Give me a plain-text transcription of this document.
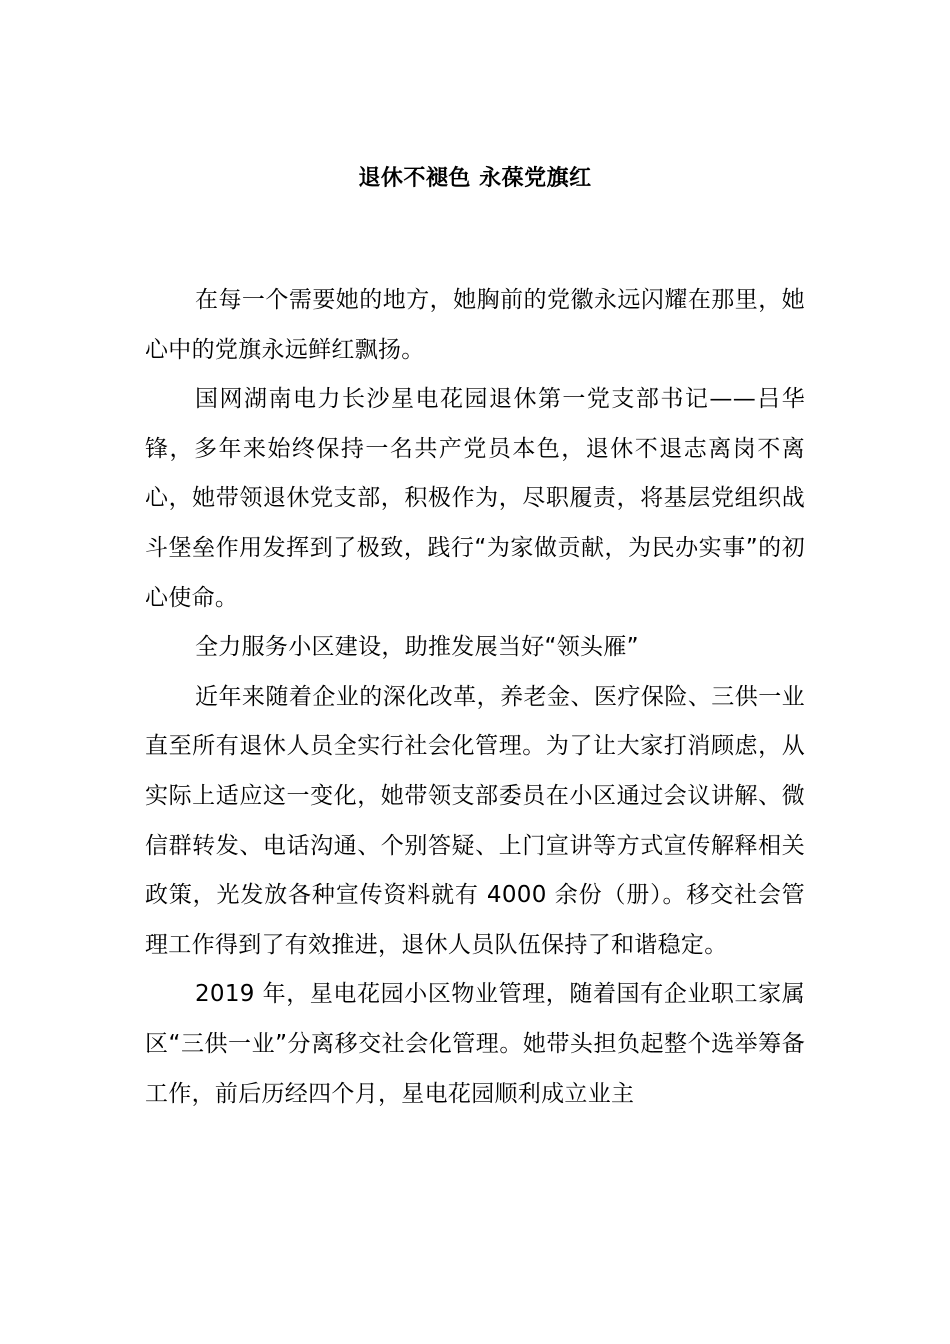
退休不褪色 永葆党旗红

在每一个需要她的地方，她胸前的党徽永远闪耀在那里，她心中的党旗永远鲜红飘扬。

国网湖南电力长沙星电花园退休第一党支部书记——吕华锋，多年来始终保持一名共产党员本色，退休不退志离岗不离心，她带领退休党支部，积极作为，尽职履责，将基层党组织战斗堡垒作用发挥到了极致，践行“为家做贡献，为民办实事”的初心使命。

全力服务小区建设，助推发展当好“领头雁”

近年来随着企业的深化改革，养老金、医疗保险、三供一业直至所有退休人员全实行社会化管理。为了让大家打消顾虑，从实际上适应这一变化，她带领支部委员在小区通过会议讲解、微信群转发、电话沟通、个别答疑、上门宣讲等方式宣传解释相关政策，光发放各种宣传资料就有 4000 余份（册）。移交社会管理工作得到了有效推进，退休人员队伍保持了和谐稳定。

2019 年，星电花园小区物业管理，随着国有企业职工家属区“三供一业”分离移交社会化管理。她带头担负起整个选举筹备工作，前后历经四个月，星电花园顺利成立业主
